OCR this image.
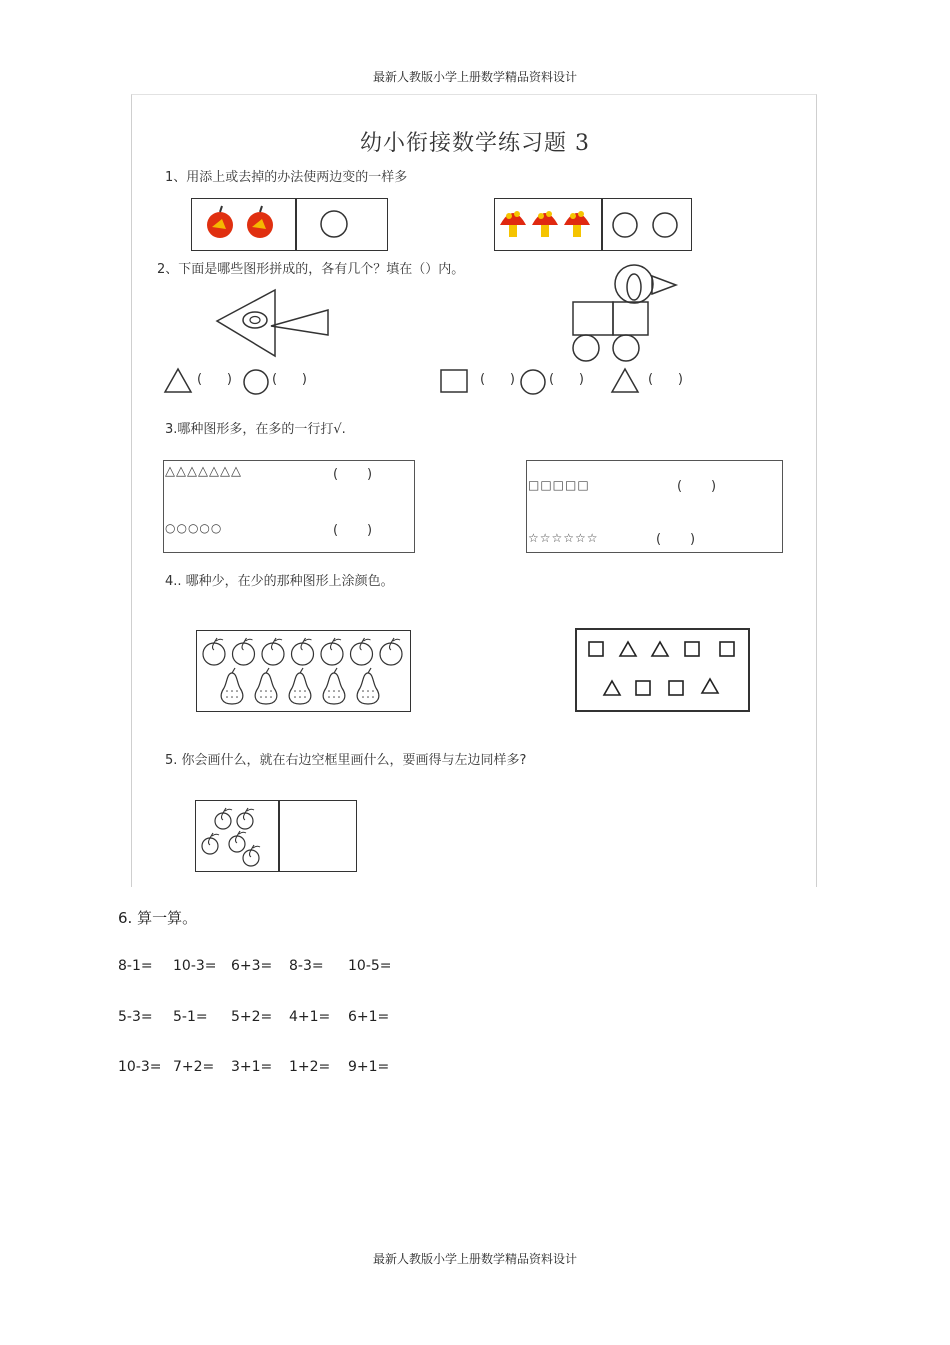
最新人教版小学上册数学精品资料设计
幼小衔接数学练习题 3
1、用添上或去掉的办法使两边变的一样多
2、下面是哪些图形拼成的，各有几个？填在（）内。
(      )	(      )	(      )	(      )	(      )
3.哪种图形多，在多的一行打√.
△△△△△△△	(       )
○○○○○	(       )
□□□□□	(       )
☆☆☆☆☆☆	(       )
4.. 哪种少，在少的那种图形上涂颜色。
5. 你会画什么，就在右边空框里画什么，要画得与左边同样多?
6. 算一算。
8-1= 10-3= 6+3= 8-3= 10-5=
5-3= 5-1= 5+2= 4+1= 6+1=
10-3= 7+2= 3+1= 1+2= 9+1=
最新人教版小学上册数学精品资料设计
